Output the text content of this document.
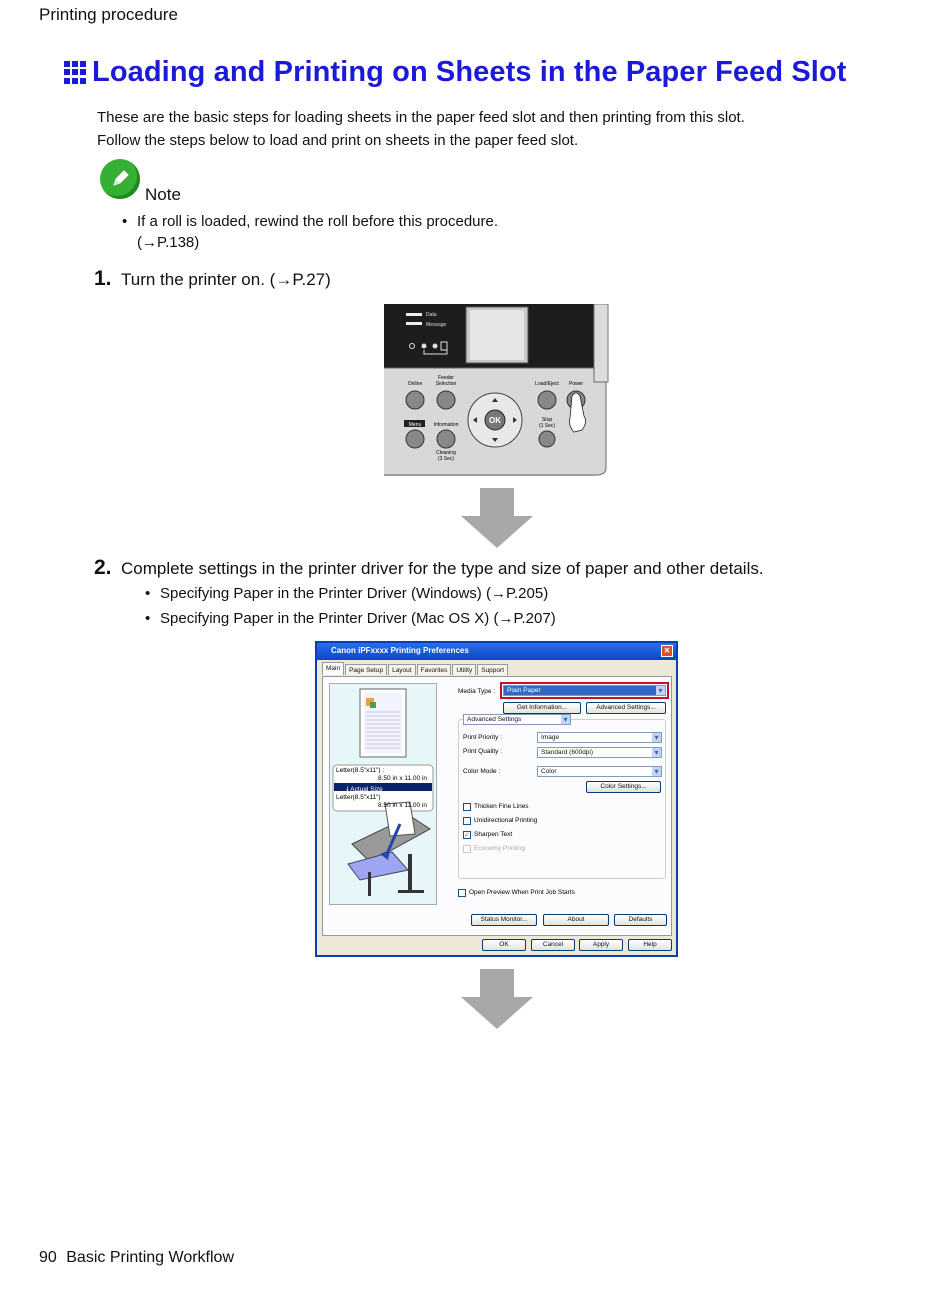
Printing procedure
Loading and Printing on Sheets in the Paper Feed Slot
These are the basic steps for loading sheets in the paper feed slot and then printing from this slot.
Follow the steps below to load and print on sheets in the paper feed slot.
Note
• If a roll is loaded, rewind the roll before this procedure.
(→P.138)
1. Turn the printer on. (→P.27)
Data
Message
Feeder
Selection
Online	Load/Eject Power
OK
Menu Information
Cleaning
(3 Sec)
Stop
(1 Sec)
2. Complete settings in the printer driver for the type and size of paper and other details.
• Specifying Paper in the Printer Driver (Windows) (→P.205)
• Specifying Paper in the Printer Driver (Mac OS X) (→P.207)
Canon iPFxxxx Printing Preferences	✕
Main	Page Setup	Layout	Favorites	Utility	Support
Letter(8.5"x11") :
8.50 in x 11.00 in
🠗 Actual Size
Letter(8.5"x11")
8.50 in x 11.00 in
Media Type :	Plain Paper ▾
Get Information...	Advanced Settings...
Advanced Settings ▾
Print Priority :	Image ▾
Print Quality :	Standard (600dpi) ▾
Color Mode :	Color ▾
Color Settings...
Thicken Fine Lines
Unidirectional Printing
✓ Sharpen Text
Economy Printing
Open Preview When Print Job Starts
Status Monitor...	About	Defaults
OK	Cancel	Apply	Help
90 Basic Printing Workflow
